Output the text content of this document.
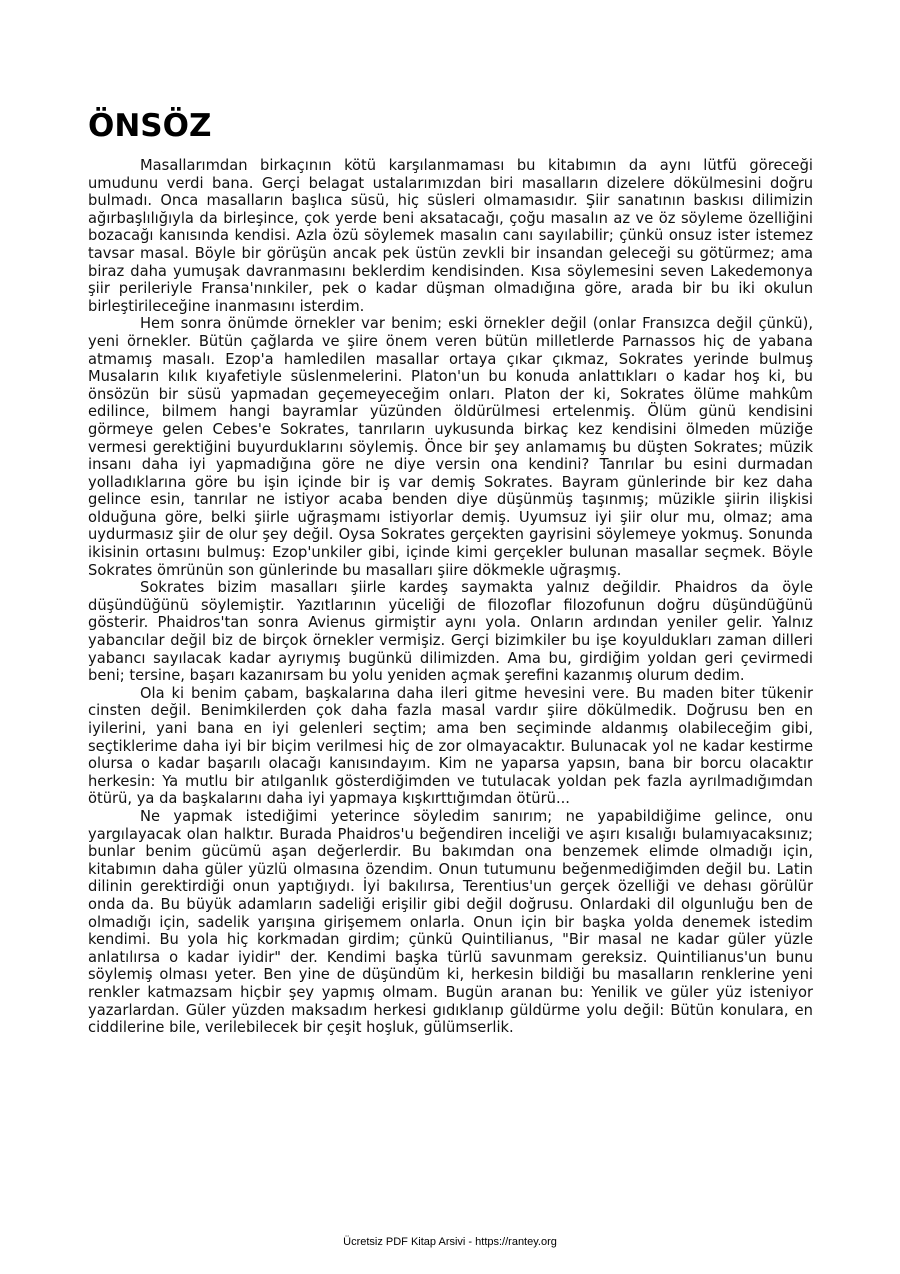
ÖNSÖZ

Masallarımdan birkaçının kötü karşılanmaması bu kitabımın da aynı lütfü göreceği umudunu verdi bana. Gerçi belagat ustalarımızdan biri masalların dizelere dökülmesini doğru bulmadı. Onca masalların başlıca süsü, hiç süsleri olmamasıdır. Şiir sanatının baskısı dilimizin ağırbaşlılığıyla da birleşince, çok yerde beni aksatacağı, çoğu masalın az ve öz söyleme özelliğini bozacağı kanısında kendisi. Azla özü söylemek masalın canı sayılabilir; çünkü onsuz ister istemez tavsar masal. Böyle bir görüşün ancak pek üstün zevkli bir insandan geleceği su götürmez; ama biraz daha yumuşak davranmasını beklerdim kendisinden. Kısa söylemesini seven Lakedemonya şiir perileriyle Fransa'nınkiler, pek o kadar düşman olmadığına göre, arada bir bu iki okulun birleştirileceğine inanmasını isterdim.

Hem sonra önümde örnekler var benim; eski örnekler değil (onlar Fransızca değil çünkü), yeni örnekler. Bütün çağlarda ve şiire önem veren bütün milletlerde Parnassos hiç de yabana atmamış masalı. Ezop'a hamledilen masallar ortaya çıkar çıkmaz, Sokrates yerinde bulmuş Musaların kılık kıyafetiyle süslenmelerini. Platon'un bu konuda anlattıkları o kadar hoş ki, bu önsözün bir süsü yapmadan geçemeyeceğim onları. Platon der ki, Sokrates ölüme mahkûm edilince, bilmem hangi bayramlar yüzünden öldürülmesi ertelenmiş. Ölüm günü kendisini görmeye gelen Cebes'e Sokrates, tanrıların uykusunda birkaç kez kendisini ölmeden müziğe vermesi gerektiğini buyurduklarını söylemiş. Önce bir şey anlamamış bu düşten Sokrates; müzik insanı daha iyi yapmadığına göre ne diye versin ona kendini? Tanrılar bu esini durmadan yolladıklarına göre bu işin içinde bir iş var demiş Sokrates. Bayram günlerinde bir kez daha gelince esin, tanrılar ne istiyor acaba benden diye düşünmüş taşınmış; müzikle şiirin ilişkisi olduğuna göre, belki şiirle uğraşmamı istiyorlar demiş. Uyumsuz iyi şiir olur mu, olmaz; ama uydurmasız şiir de olur şey değil. Oysa Sokrates gerçekten gayrisini söylemeye yokmuş. Sonunda ikisinin ortasını bulmuş: Ezop'unkiler gibi, içinde kimi gerçekler bulunan masallar seçmek. Böyle Sokrates ömrünün son günlerinde bu masalları şiire dökmekle uğraşmış.

Sokrates bizim masalları şiirle kardeş saymakta yalnız değildir. Phaidros da öyle düşündüğünü söylemiştir. Yazıtlarının yüceliği de filozoflar filozofunun doğru düşündüğünü gösterir. Phaidros'tan sonra Avienus girmiştir aynı yola. Onların ardından yeniler gelir. Yalnız yabancılar değil biz de birçok örnekler vermişiz. Gerçi bizimkiler bu işe koyuldukları zaman dilleri yabancı sayılacak kadar ayrıymış bugünkü dilimizden. Ama bu, girdiğim yoldan geri çevirmedi beni; tersine, başarı kazanırsam bu yolu yeniden açmak şerefini kazanmış olurum dedim.

Ola ki benim çabam, başkalarına daha ileri gitme hevesini vere. Bu maden biter tükenir cinsten değil. Benimkilerden çok daha fazla masal vardır şiire dökülmedik. Doğrusu ben en iyilerini, yani bana en iyi gelenleri seçtim; ama ben seçiminde aldanmış olabileceğim gibi, seçtiklerime daha iyi bir biçim verilmesi hiç de zor olmayacaktır. Bulunacak yol ne kadar kestirme olursa o kadar başarılı olacağı kanısındayım. Kim ne yaparsa yapsın, bana bir borcu olacaktır herkesin: Ya mutlu bir atılganlık gösterdiğimden ve tutulacak yoldan pek fazla ayrılmadığımdan ötürü, ya da başkalarını daha iyi yapmaya kışkırttığımdan ötürü...

Ne yapmak istediğimi yeterince söyledim sanırım; ne yapabildiğime gelince, onu yargılayacak olan halktır. Burada Phaidros'u beğendiren inceliği ve aşırı kısalığı bulamıyacaksınız; bunlar benim gücümü aşan değerlerdir. Bu bakımdan ona benzemek elimde olmadığı için, kitabımın daha güler yüzlü olmasına özendim. Onun tutumunu beğenmediğimden değil bu. Latin dilinin gerektirdiği onun yaptığıydı. İyi bakılırsa, Terentius'un gerçek özelliği ve dehası görülür onda da. Bu büyük adamların sadeliği erişilir gibi değil doğrusu. Onlardaki dil olgunluğu ben de olmadığı için, sadelik yarışına girişemem onlarla. Onun için bir başka yolda denemek istedim kendimi. Bu yola hiç korkmadan girdim; çünkü Quintilianus, "Bir masal ne kadar güler yüzle anlatılırsa o kadar iyidir" der. Kendimi başka türlü savunmam gereksiz. Quintilianus'un bunu söylemiş olması yeter. Ben yine de düşündüm ki, herkesin bildiği bu masalların renklerine yeni renkler katmazsam hiçbir şey yapmış olmam. Bugün aranan bu: Yenilik ve güler yüz isteniyor yazarlardan. Güler yüzden maksadım herkesi gıdıklanıp güldürme yolu değil: Bütün konulara, en ciddilerine bile, verilebilecek bir çeşit hoşluk, gülümserlik.

Ücretsiz PDF Kitap Arsivi - https://rantey.org
